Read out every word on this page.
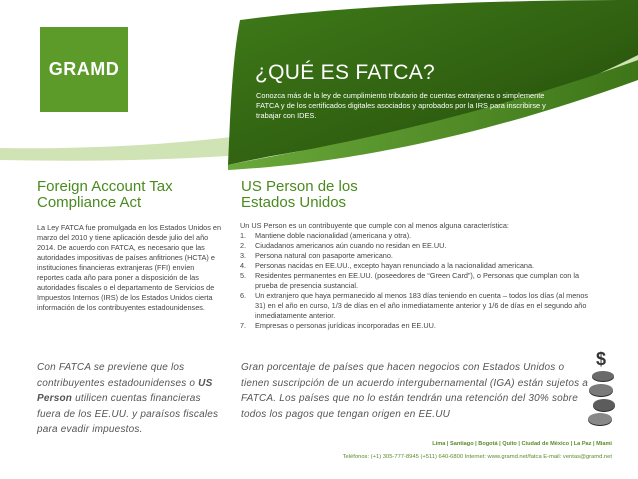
GRAMD	¿QUÉ ES FATCA?

Conozca más de la ley de cumplimiento tributario de cuentas extranjeras o simplemente FATCA y de los certificados digitales asociados y aprobados por la IRS para inscribirse y trabajar con IDES.

Foreign Account Tax
Compliance Act
US Person de los
Estados Unidos

La Ley FATCA fue promulgada en los Estados Unidos en marzo del 2010 y tiene aplicación desde julio del año 2014. De acuerdo con FATCA, es necesario que las autoridades impositivas de países anfitriones (HCTA) e instituciones financieras extranjeras (FFI) envíen reportes cada año para poner a disposición de las autoridades fiscales o el departamento de Servicios de Impuestos Internos (IRS) de los Estados Unidos cierta información de los contribuyentes estadounidenses.

Un US Person es un contribuyente que cumple con al menos alguna característica:

1.	Mantiene doble nacionalidad (americana y otra).
2.	Ciudadanos americanos aún cuando no residan en EE.UU.
3.	Persona natural con pasaporte americano.
4.	Personas nacidas en EE.UU., excepto hayan renunciado a la nacionalidad americana.
5.	Residentes permanentes en EE.UU. (poseedores de “Green Card”), o Personas que cumplan con la prueba de presencia sustancial.
6.	Un extranjero que haya permanecido al menos 183 días teniendo en cuenta – todos los días (al menos 31) en el año en curso, 1/3 de días en el año inmediatamente anterior y 1/6 de días en el segundo año inmediatamente anterior.
7.	Empresas o personas jurídicas incorporadas en EE.UU.

Con FATCA se previene que los contribuyentes estadounidenses o US Person utilicen cuentas financieras fuera de los EE.UU. y paraísos fiscales para evadir impuestos.

Gran porcentaje de países que hacen negocios con Estados Unidos o tienen suscripción de un acuerdo intergubernamental (IGA) están sujetos a FATCA. Los países que no lo están tendrán una retención del 30% sobre todos los pagos que tengan origen en EE.UU

$
Lima | Santiago | Bogotá | Quito | Ciudad de México | La Paz | Miami
Teléfonos: (+1) 305-777-8945 (+511) 640-6800 Internet: www.gramd.net/fatca E-mail: ventas@gramd.net
